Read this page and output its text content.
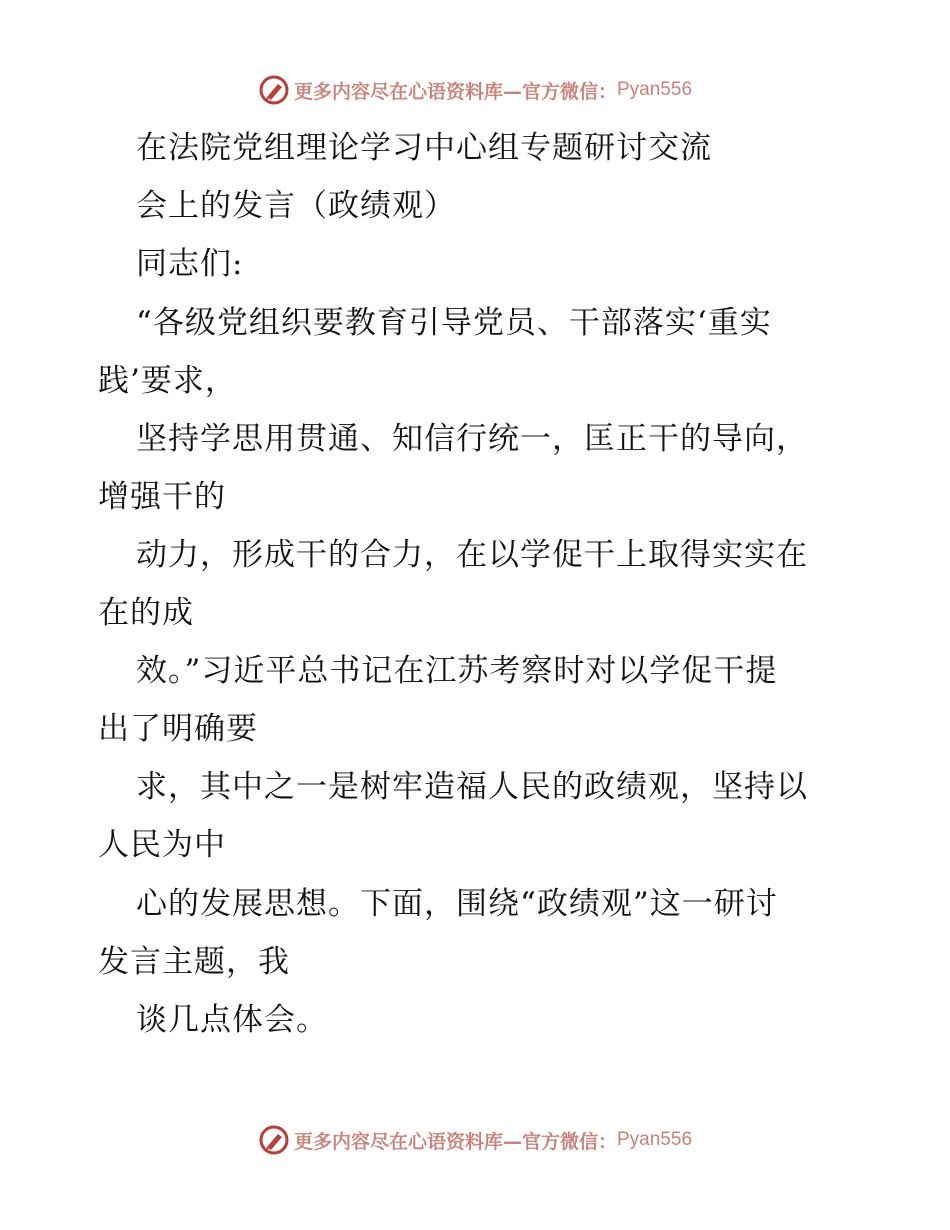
更多内容尽在心语资料库—官方微信： Pyan556
在法院党组理论学习中心组专题研讨交流
会上的发言（政绩观）
同志们:
“各级党组织要教育引导党员、干部落实‘重实
践’要求，
坚持学思用贯通、知信行统一，匡正干的导向，
增强干的
动力，形成干的合力，在以学促干上取得实实在
在的成
效。”习近平总书记在江苏考察时对以学促干提
出了明确要
求，其中之一是树牢造福人民的政绩观，坚持以
人民为中
心的发展思想。下面，围绕“政绩观”这一研讨
发言主题，我
谈几点体会。
更多内容尽在心语资料库—官方微信： Pyan556
